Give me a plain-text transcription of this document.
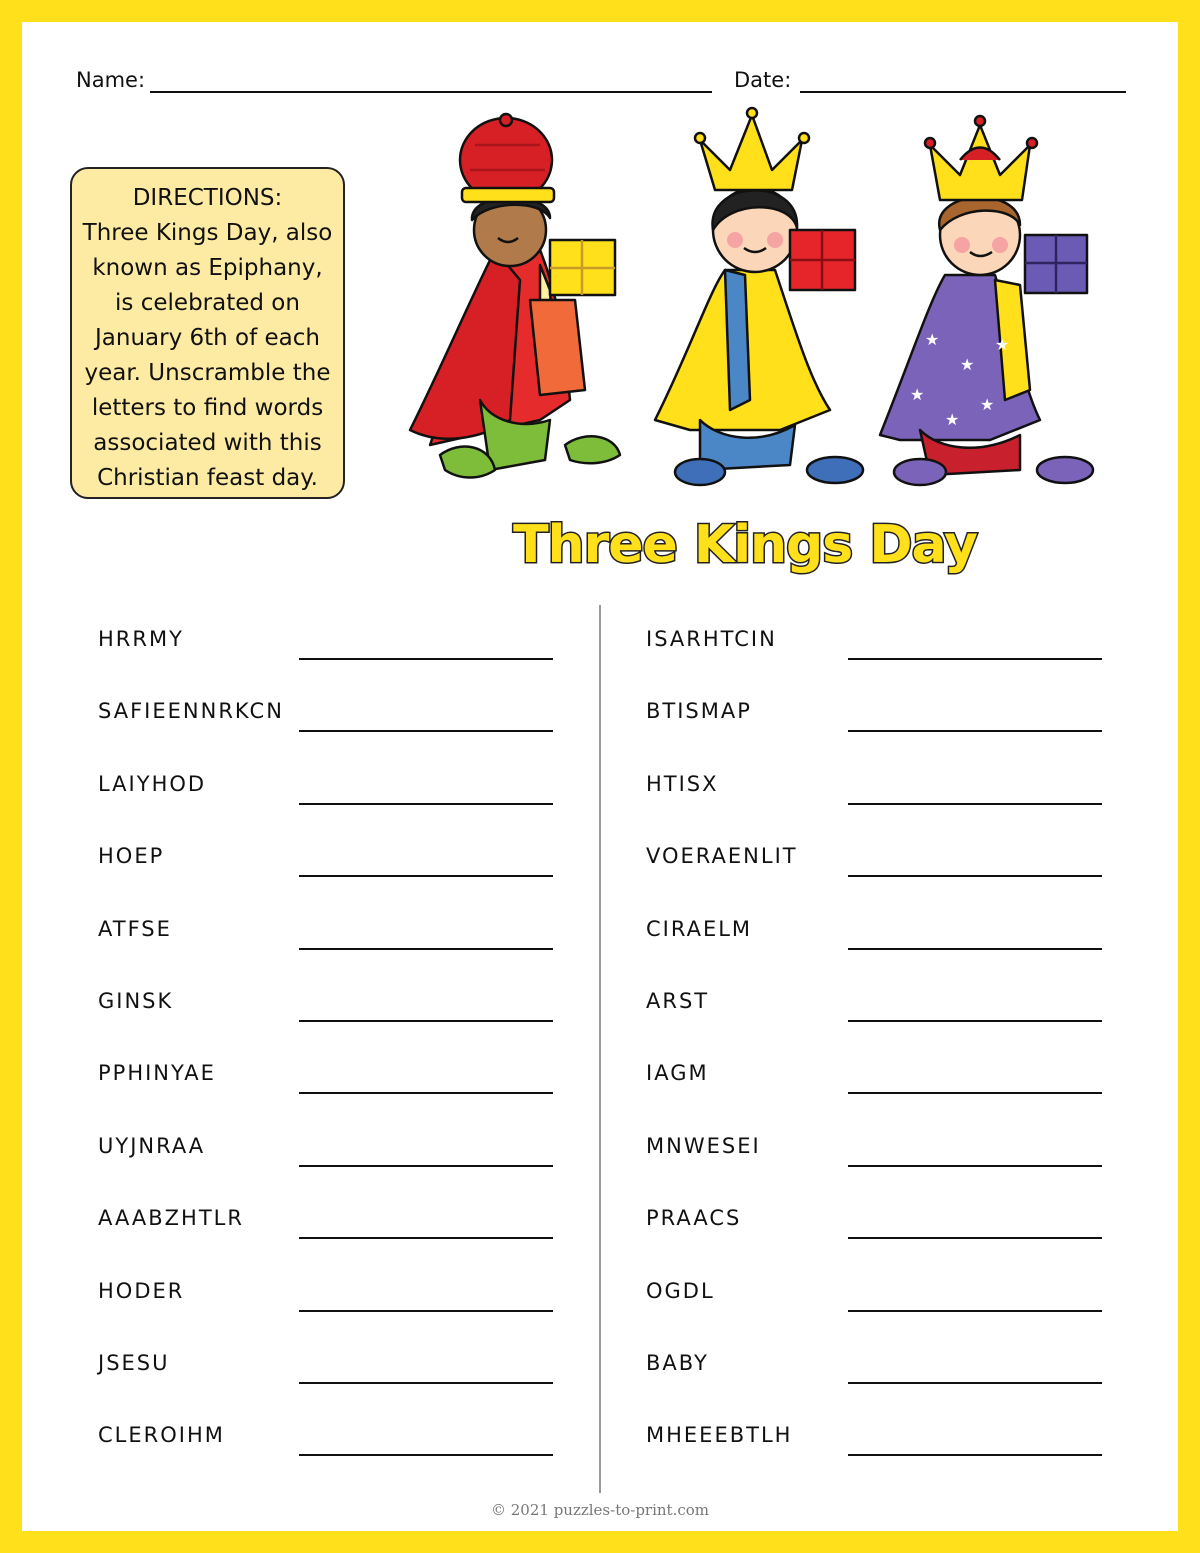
Name:	Date:
DIRECTIONS:
Three Kings Day, also
known as Epiphany,
is celebrated on
January 6th of each
year. Unscramble the
letters to find words
associated with this
Christian feast day.
★
★
★
★
★
★
Three Kings Day
HRRMY
SAFIEENNRKCN
LAIYHOD
HOEP
ATFSE
GINSK
PPHINYAE
UYJNRAA
AAABZHTLR
HODER
JSESU
CLEROIHM
ISARHTCIN
BTISMAP
HTISX
VOERAENLIT
CIRAELM
ARST
IAGM
MNWESEI
PRAACS
OGDL
BABY
MHEEEBTLH
© 2021 puzzles-to-print.com
